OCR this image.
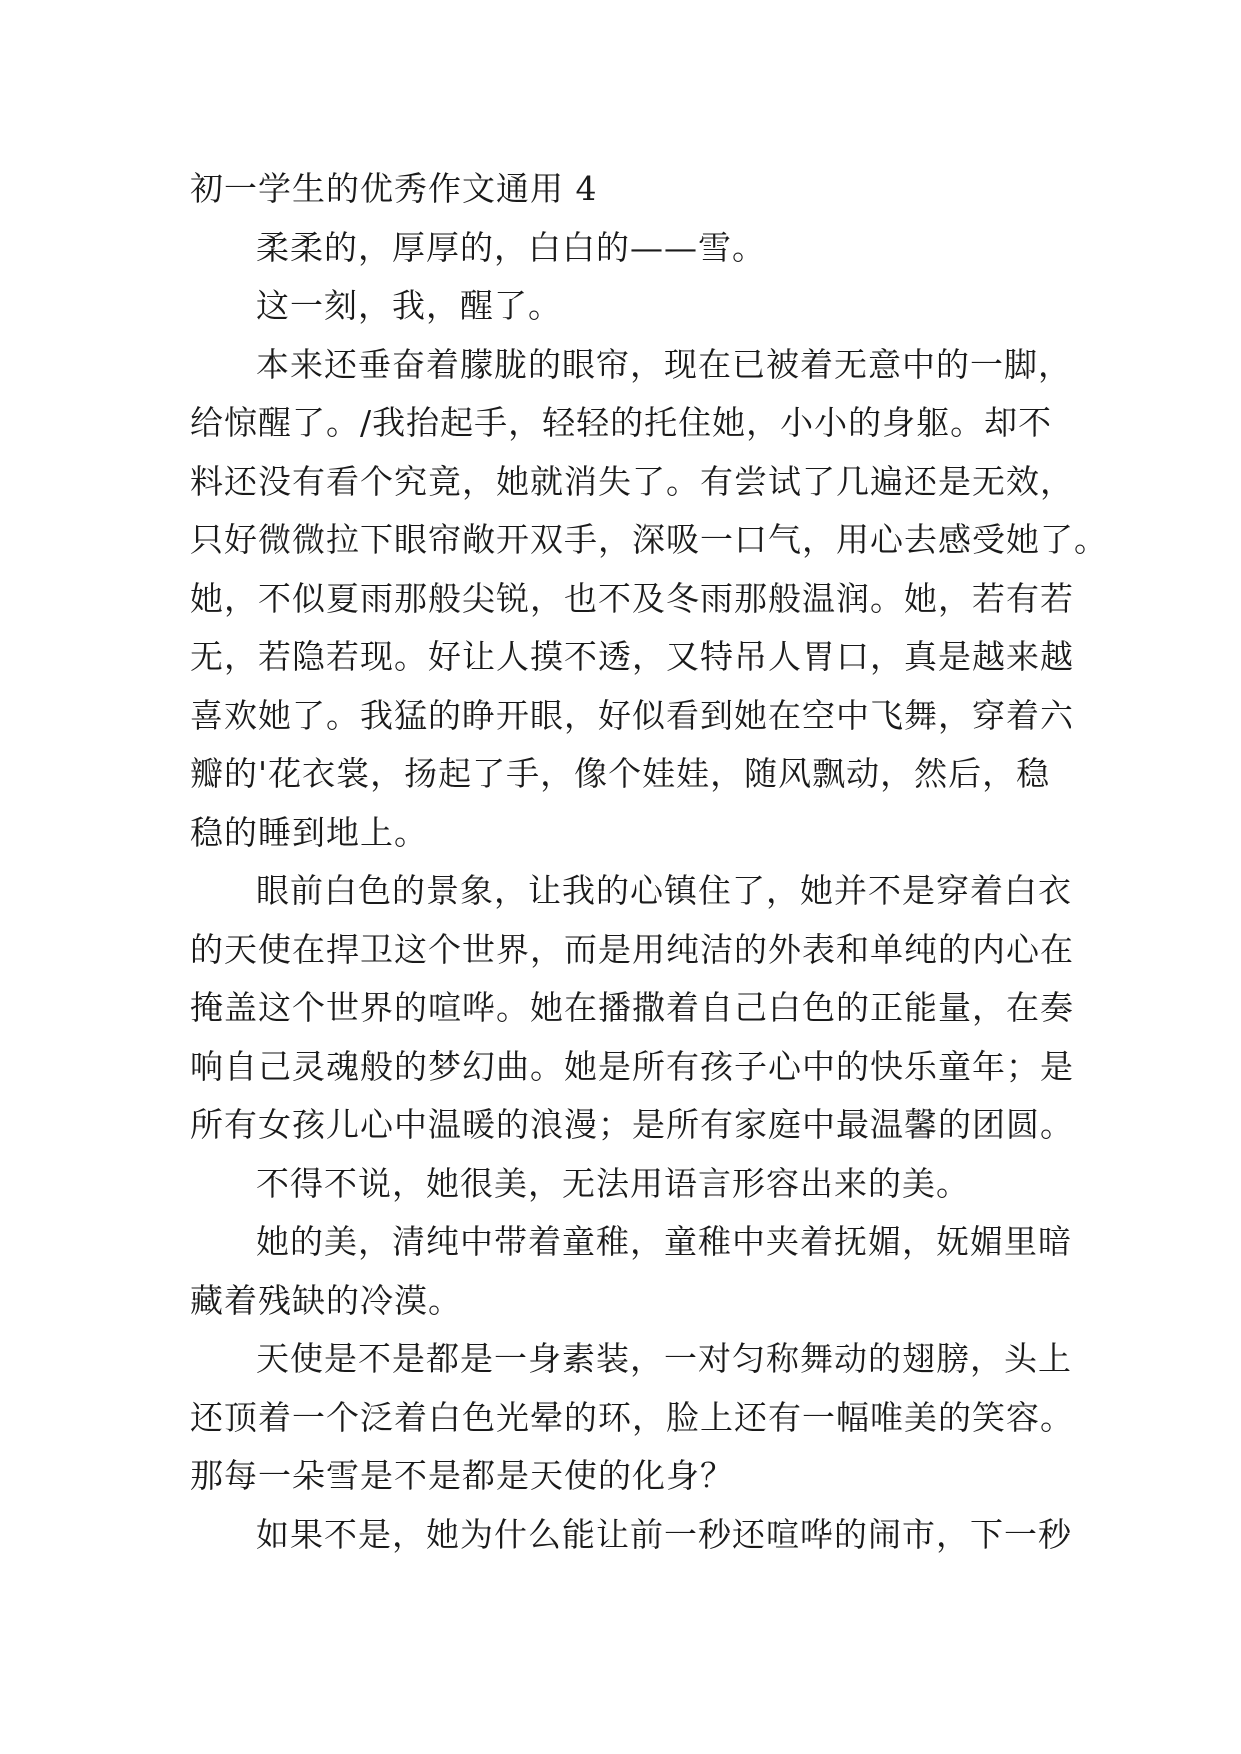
初一学生的优秀作文通用 4
柔柔的，厚厚的，白白的——雪。
这一刻，我，醒了。
本来还垂奋着朦胧的眼帘，现在已被着无意中的一脚，
给惊醒了。/我抬起手，轻轻的托住她，小小的身躯。却不
料还没有看个究竟，她就消失了。有尝试了几遍还是无效，
只好微微拉下眼帘敞开双手，深吸一口气，用心去感受她了。
她，不似夏雨那般尖锐，也不及冬雨那般温润。她，若有若
无，若隐若现。好让人摸不透，又特吊人胃口，真是越来越
喜欢她了。我猛的睁开眼，好似看到她在空中飞舞，穿着六
瓣的'花衣裳，扬起了手，像个娃娃，随风飘动，然后，稳
稳的睡到地上。
眼前白色的景象，让我的心镇住了，她并不是穿着白衣
的天使在捍卫这个世界，而是用纯洁的外表和单纯的内心在
掩盖这个世界的喧哗。她在播撒着自己白色的正能量，在奏
响自己灵魂般的梦幻曲。她是所有孩子心中的快乐童年；是
所有女孩儿心中温暖的浪漫；是所有家庭中最温馨的团圆。
不得不说，她很美，无法用语言形容出来的美。
她的美，清纯中带着童稚，童稚中夹着抚媚，妩媚里暗
藏着残缺的冷漠。
天使是不是都是一身素装，一对匀称舞动的翅膀，头上
还顶着一个泛着白色光晕的环，脸上还有一幅唯美的笑容。
那每一朵雪是不是都是天使的化身？
如果不是，她为什么能让前一秒还喧哗的闹市，下一秒
